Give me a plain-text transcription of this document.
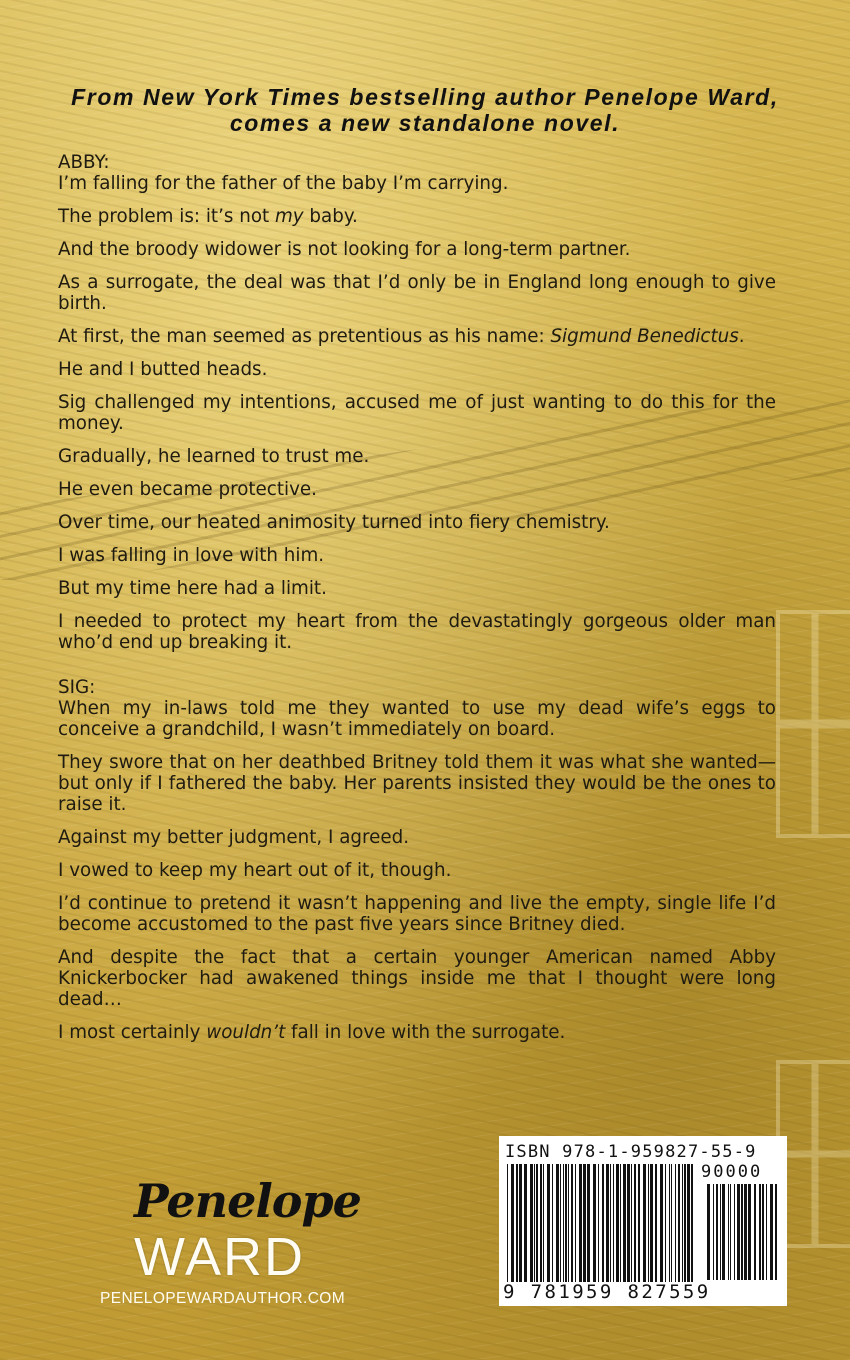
From New York Times bestselling author Penelope Ward, comes a new standalone novel.

ABBY:

I’m falling for the father of the baby I’m carrying.

The problem is: it’s not my baby.

And the broody widower is not looking for a long-term partner.

As a surrogate, the deal was that I’d only be in England long enough to give birth.

At first, the man seemed as pretentious as his name: Sigmund Benedictus.

He and I butted heads.

Sig challenged my intentions, accused me of just wanting to do this for the money.

Gradually, he learned to trust me.

He even became protective.

Over time, our heated animosity turned into fiery chemistry.

I was falling in love with him.

But my time here had a limit.

I needed to protect my heart from the devastatingly gorgeous older man who’d end up breaking it.

SIG:

When my in-laws told me they wanted to use my dead wife’s eggs to conceive a grandchild, I wasn’t immediately on board.

They swore that on her deathbed Britney told them it was what she wanted—but only if I fathered the baby. Her parents insisted they would be the ones to raise it.

Against my better judgment, I agreed.

I vowed to keep my heart out of it, though.

I’d continue to pretend it wasn’t happening and live the empty, single life I’d become accustomed to the past five years since Britney died.

And despite the fact that a certain younger American named Abby Knickerbocker had awakened things inside me that I thought were long dead…

I most certainly wouldn’t fall in love with the surrogate.

Penelope

WARD

PENELOPEWARDAUTHOR.COM

ISBN 978-1-959827-55-9

90000

9 781959 827559
